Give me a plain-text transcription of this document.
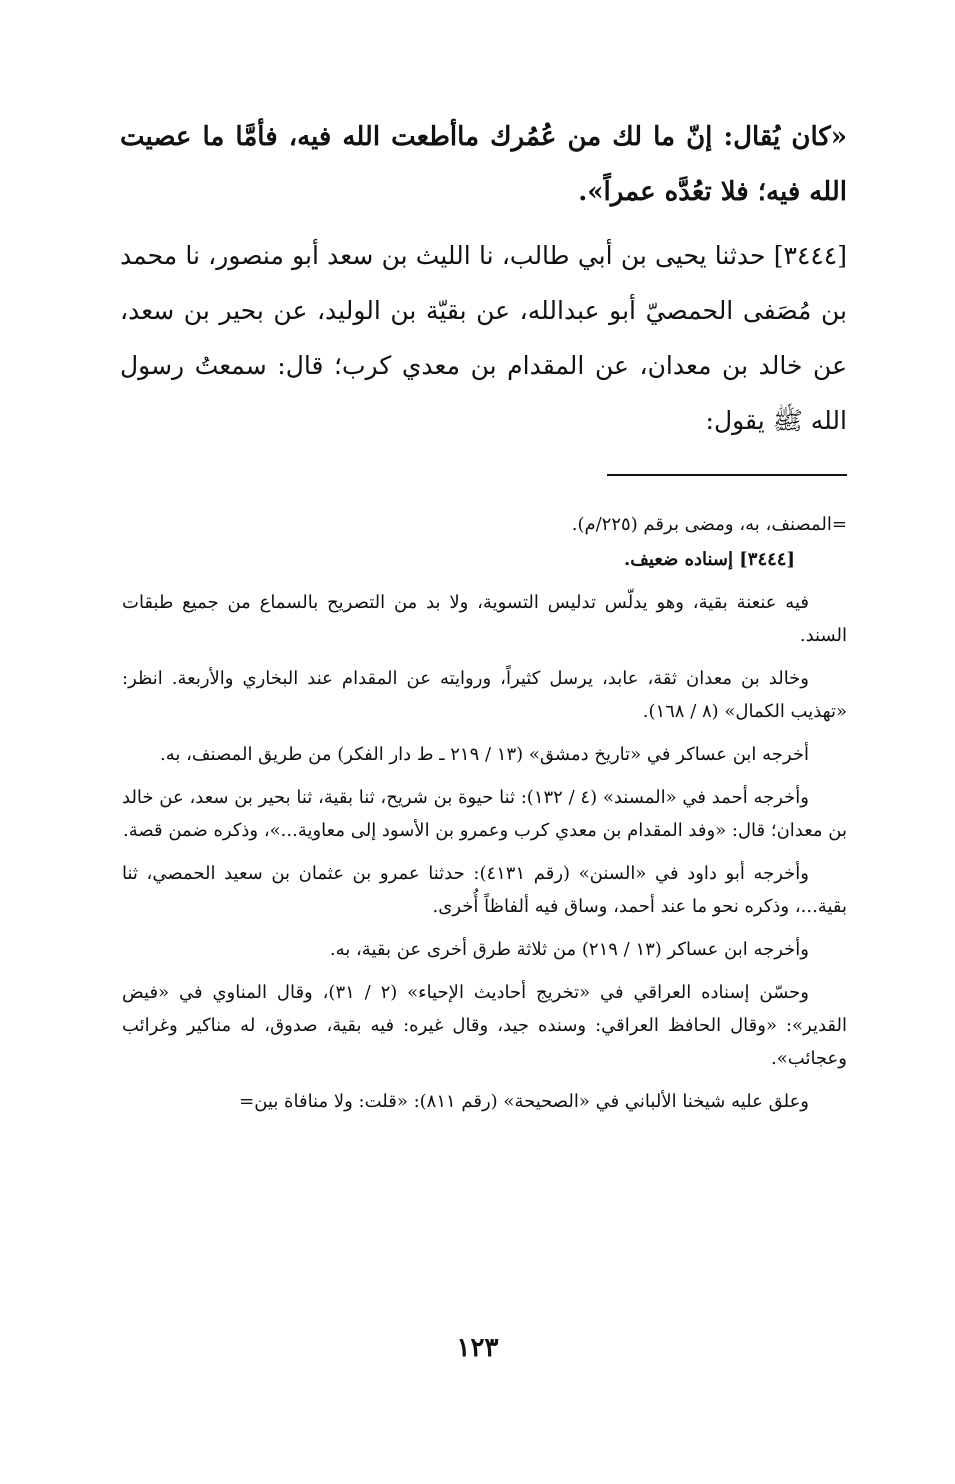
«كان يُقال: إنّ ما لك من عُمُرك ماأطعت الله فيه، فأمَّا ما عصيت الله فيه؛ فلا تعُدَّه عمراً».

[٣٤٤٤] حدثنا يحيى بن أبي طالب، نا الليث بن سعد أبو منصور، نا محمد بن مُصَفى الحمصيّ أبو عبدالله، عن بقيّة بن الوليد، عن بحير بن سعد، عن خالد بن معدان، عن المقدام بن معدي كرب؛ قال: سمعتُ رسول الله ﷺ يقول:

=المصنف، به، ومضى برقم (٢٢٥/م).

[٣٤٤٤] إسناده ضعيف.

فيه عنعنة بقية، وهو يدلّس تدليس التسوية، ولا بد من التصريح بالسماع من جميع طبقات السند.

وخالد بن معدان ثقة، عابد، يرسل كثيراً، وروايته عن المقدام عند البخاري والأربعة. انظر: «تهذيب الكمال» (٨ / ١٦٨).

أخرجه ابن عساكر في «تاريخ دمشق» (١٣ / ٢١٩ ـ ط دار الفكر) من طريق المصنف، به.

وأخرجه أحمد في «المسند» (٤ / ١٣٢): ثنا حيوة بن شريح، ثنا بقية، ثنا بحير بن سعد، عن خالد بن معدان؛ قال: «وفد المقدام بن معدي كرب وعمرو بن الأسود إلى معاوية...»، وذكره ضمن قصة.

وأخرجه أبو داود في «السنن» (رقم ٤١٣١): حدثنا عمرو بن عثمان بن سعيد الحمصي، ثنا بقية...، وذكره نحو ما عند أحمد، وساق فيه ألفاظاً أُخرى.

وأخرجه ابن عساكر (١٣ / ٢١٩) من ثلاثة طرق أخرى عن بقية، به.

وحسّن إسناده العراقي في «تخريج أحاديث الإحياء» (٢ / ٣١)، وقال المناوي في «فيض القدير»: «وقال الحافظ العراقي: وسنده جيد، وقال غيره: فيه بقية، صدوق، له مناكير وغرائب وعجائب».

وعلق عليه شيخنا الألباني في «الصحيحة» (رقم ٨١١): «قلت: ولا منافاة بين=

١٢٣
